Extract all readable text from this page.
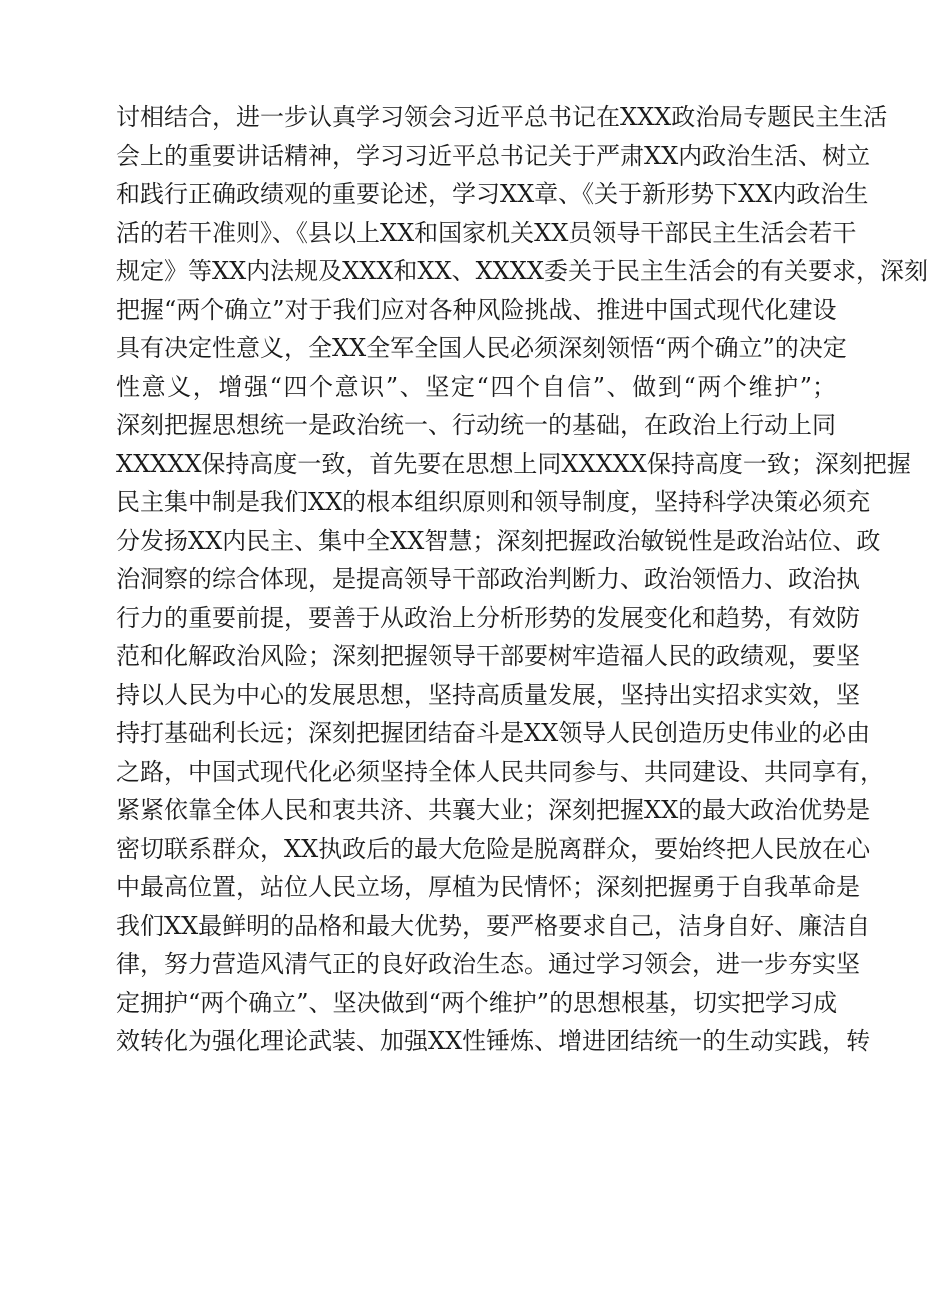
讨相结合，进一步认真学习领会习近平总书记在XXX政治局专题民主生活
会上的重要讲话精神，学习习近平总书记关于严肃XX内政治生活、树立
和践行正确政绩观的重要论述，学习XX章、《关于新形势下XX内政治生
活的若干准则》、《县以上XX和国家机关XX员领导干部民主生活会若干
规定》等XX内法规及XXX和XX、XXXX委关于民主生活会的有关要求，深刻
把握“两个确立”对于我们应对各种风险挑战、推进中国式现代化建设
具有决定性意义，全XX全军全国人民必须深刻领悟“两个确立”的决定
性意义，增强“四个意识”、坚定“四个自信”、做到“两个维护”；
深刻把握思想统一是政治统一、行动统一的基础，在政治上行动上同
XXXXX保持高度一致，首先要在思想上同XXXXX保持高度一致；深刻把握
民主集中制是我们XX的根本组织原则和领导制度，坚持科学决策必须充
分发扬XX内民主、集中全XX智慧；深刻把握政治敏锐性是政治站位、政
治洞察的综合体现，是提高领导干部政治判断力、政治领悟力、政治执
行力的重要前提，要善于从政治上分析形势的发展变化和趋势，有效防
范和化解政治风险；深刻把握领导干部要树牢造福人民的政绩观，要坚
持以人民为中心的发展思想，坚持高质量发展，坚持出实招求实效，坚
持打基础利长远；深刻把握团结奋斗是XX领导人民创造历史伟业的必由
之路，中国式现代化必须坚持全体人民共同参与、共同建设、共同享有，
紧紧依靠全体人民和衷共济、共襄大业；深刻把握XX的最大政治优势是
密切联系群众，XX执政后的最大危险是脱离群众，要始终把人民放在心
中最高位置，站位人民立场，厚植为民情怀；深刻把握勇于自我革命是
我们XX最鲜明的品格和最大优势，要严格要求自己，洁身自好、廉洁自
律，努力营造风清气正的良好政治生态。通过学习领会，进一步夯实坚
定拥护“两个确立”、坚决做到“两个维护”的思想根基，切实把学习成
效转化为强化理论武装、加强XX性锤炼、增进团结统一的生动实践，转
